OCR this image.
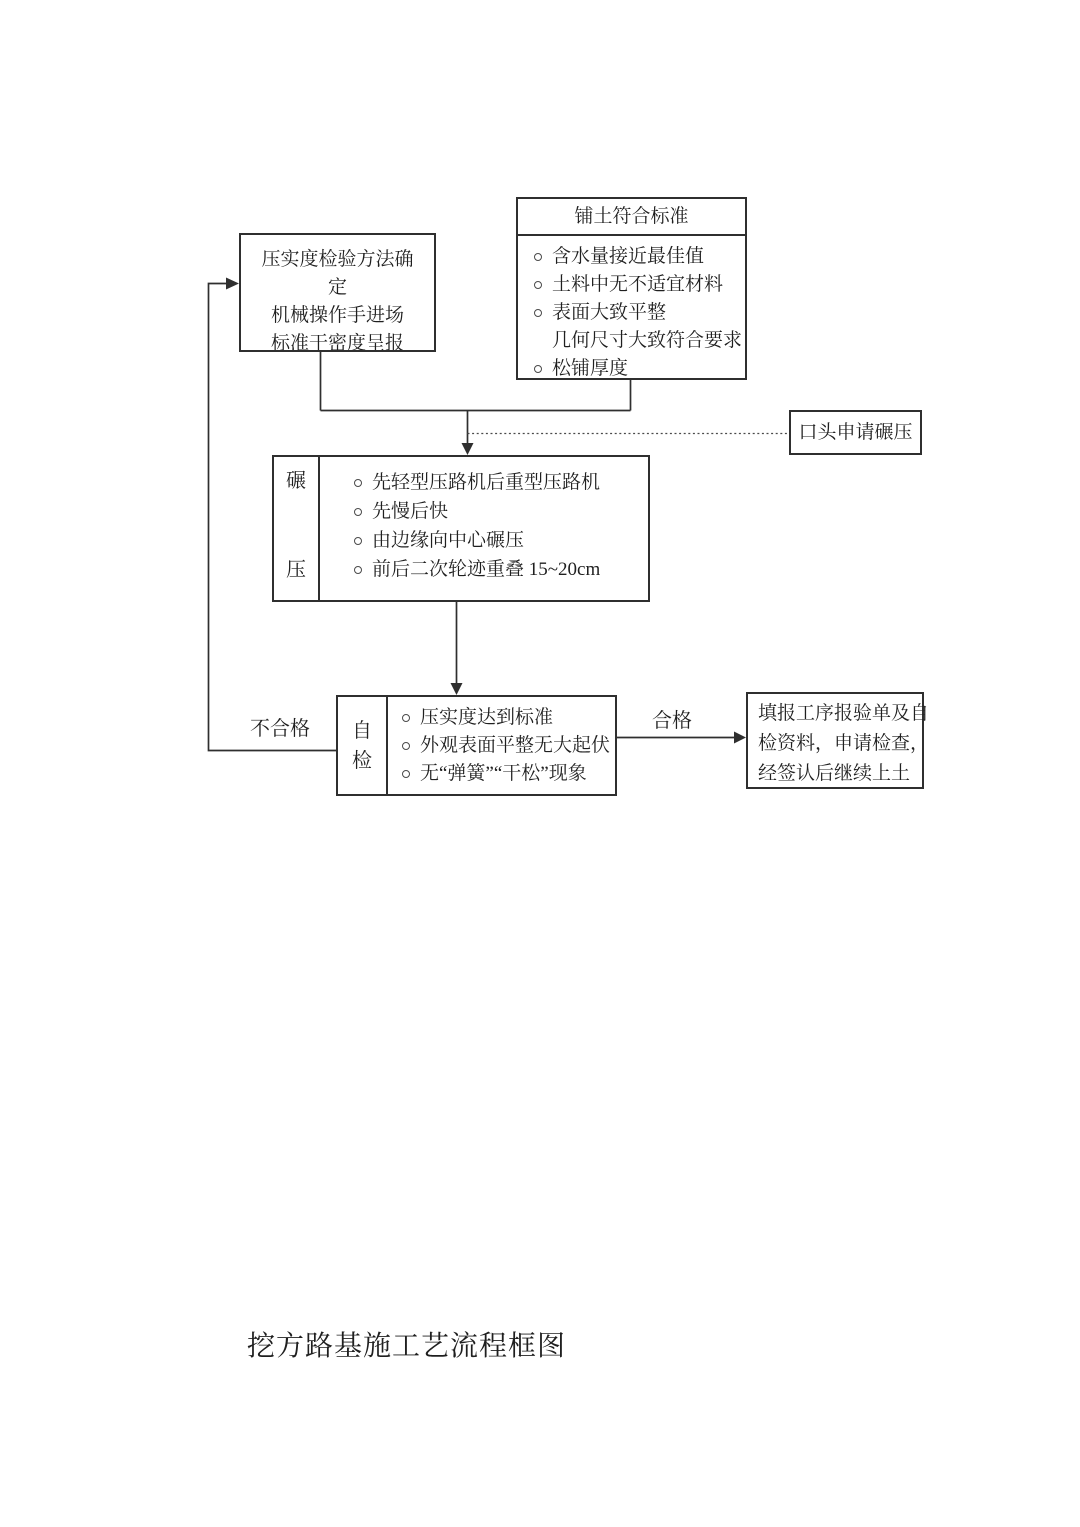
压实度检验方法确
定
机械操作手进场
标准干密度呈报
铺土符合标准
含水量接近最佳值
土料中无不适宜材料
表面大致平整
几何尺寸大致符合要求
松铺厚度
口头申请碾压
碾
压
先轻型压路机后重型压路机
先慢后快
由边缘向中心碾压
前后二次轮迹重叠 15~20cm
自
检
压实度达到标准
外观表面平整无大起伏
无“弹簧”“干松”现象
填报工序报验单及自
检资料，申请检查，
经签认后继续上土
不合格	合格
挖方路基施工艺流程框图
